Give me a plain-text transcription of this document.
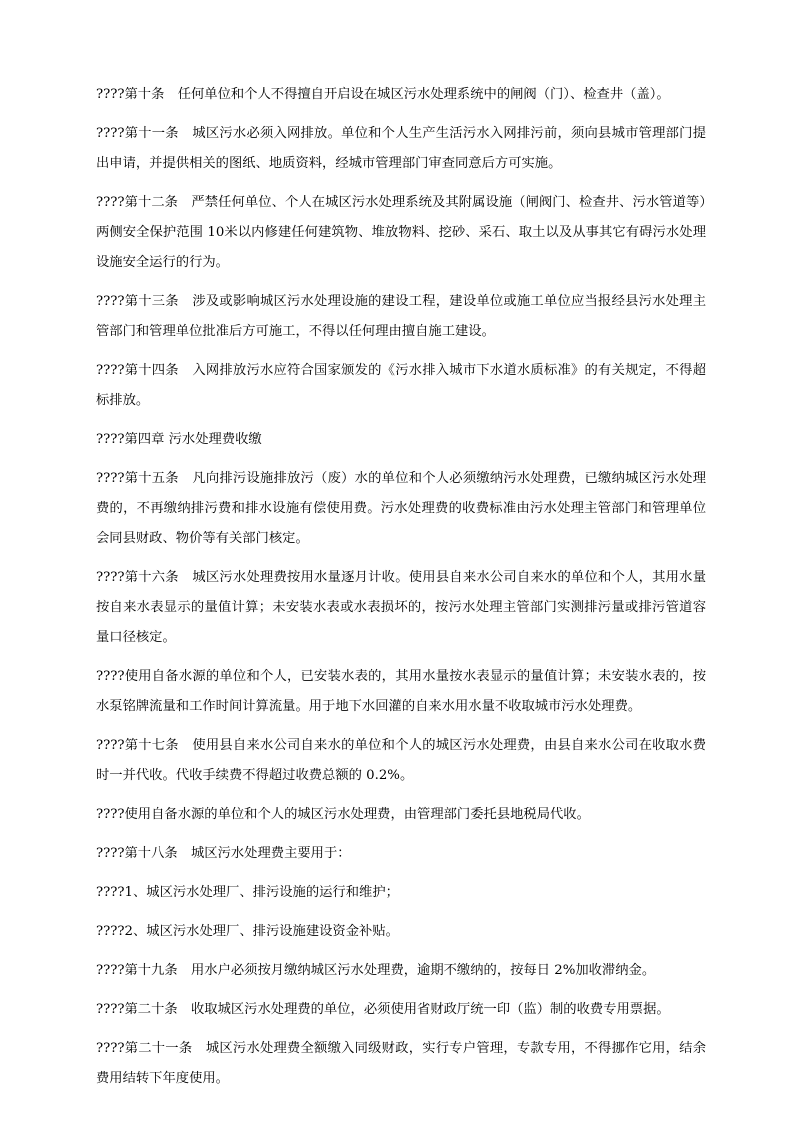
????第十条　任何单位和个人不得擅自开启设在城区污水处理系统中的闸阀（门）、检查井（盖）。

????第十一条　城区污水必须入网排放。单位和个人生产生活污水入网排污前，须向县城市管理部门提出申请，并提供相关的图纸、地质资料，经城市管理部门审查同意后方可实施。

????第十二条　严禁任何单位、个人在城区污水处理系统及其附属设施（闸阀门、检查井、污水管道等）两侧安全保护范围 10米以内修建任何建筑物、堆放物料、挖砂、采石、取土以及从事其它有碍污水处理设施安全运行的行为。

????第十三条　涉及或影响城区污水处理设施的建设工程，建设单位或施工单位应当报经县污水处理主管部门和管理单位批准后方可施工，不得以任何理由擅自施工建设。

????第十四条　入网排放污水应符合国家颁发的《污水排入城市下水道水质标准》的有关规定，不得超标排放。

????第四章 污水处理费收缴

????第十五条　凡向排污设施排放污（废）水的单位和个人必须缴纳污水处理费，已缴纳城区污水处理费的，不再缴纳排污费和排水设施有偿使用费。污水处理费的收费标准由污水处理主管部门和管理单位会同县财政、物价等有关部门核定。

????第十六条　城区污水处理费按用水量逐月计收。使用县自来水公司自来水的单位和个人，其用水量按自来水表显示的量值计算；未安装水表或水表损坏的，按污水处理主管部门实测排污量或排污管道容量口径核定。

????使用自备水源的单位和个人，已安装水表的，其用水量按水表显示的量值计算；未安装水表的，按水泵铭牌流量和工作时间计算流量。用于地下水回灌的自来水用水量不收取城市污水处理费。

????第十七条　使用县自来水公司自来水的单位和个人的城区污水处理费，由县自来水公司在收取水费时一并代收。代收手续费不得超过收费总额的 0.2%。

????使用自备水源的单位和个人的城区污水处理费，由管理部门委托县地税局代收。

????第十八条　城区污水处理费主要用于：

????1、城区污水处理厂、排污设施的运行和维护；

????2、城区污水处理厂、排污设施建设资金补贴。

????第十九条　用水户必须按月缴纳城区污水处理费，逾期不缴纳的，按每日 2%加收滞纳金。

????第二十条　收取城区污水处理费的单位，必须使用省财政厅统一印（监）制的收费专用票据。

????第二十一条　城区污水处理费全额缴入同级财政，实行专户管理，专款专用，不得挪作它用，结余费用结转下年度使用。
